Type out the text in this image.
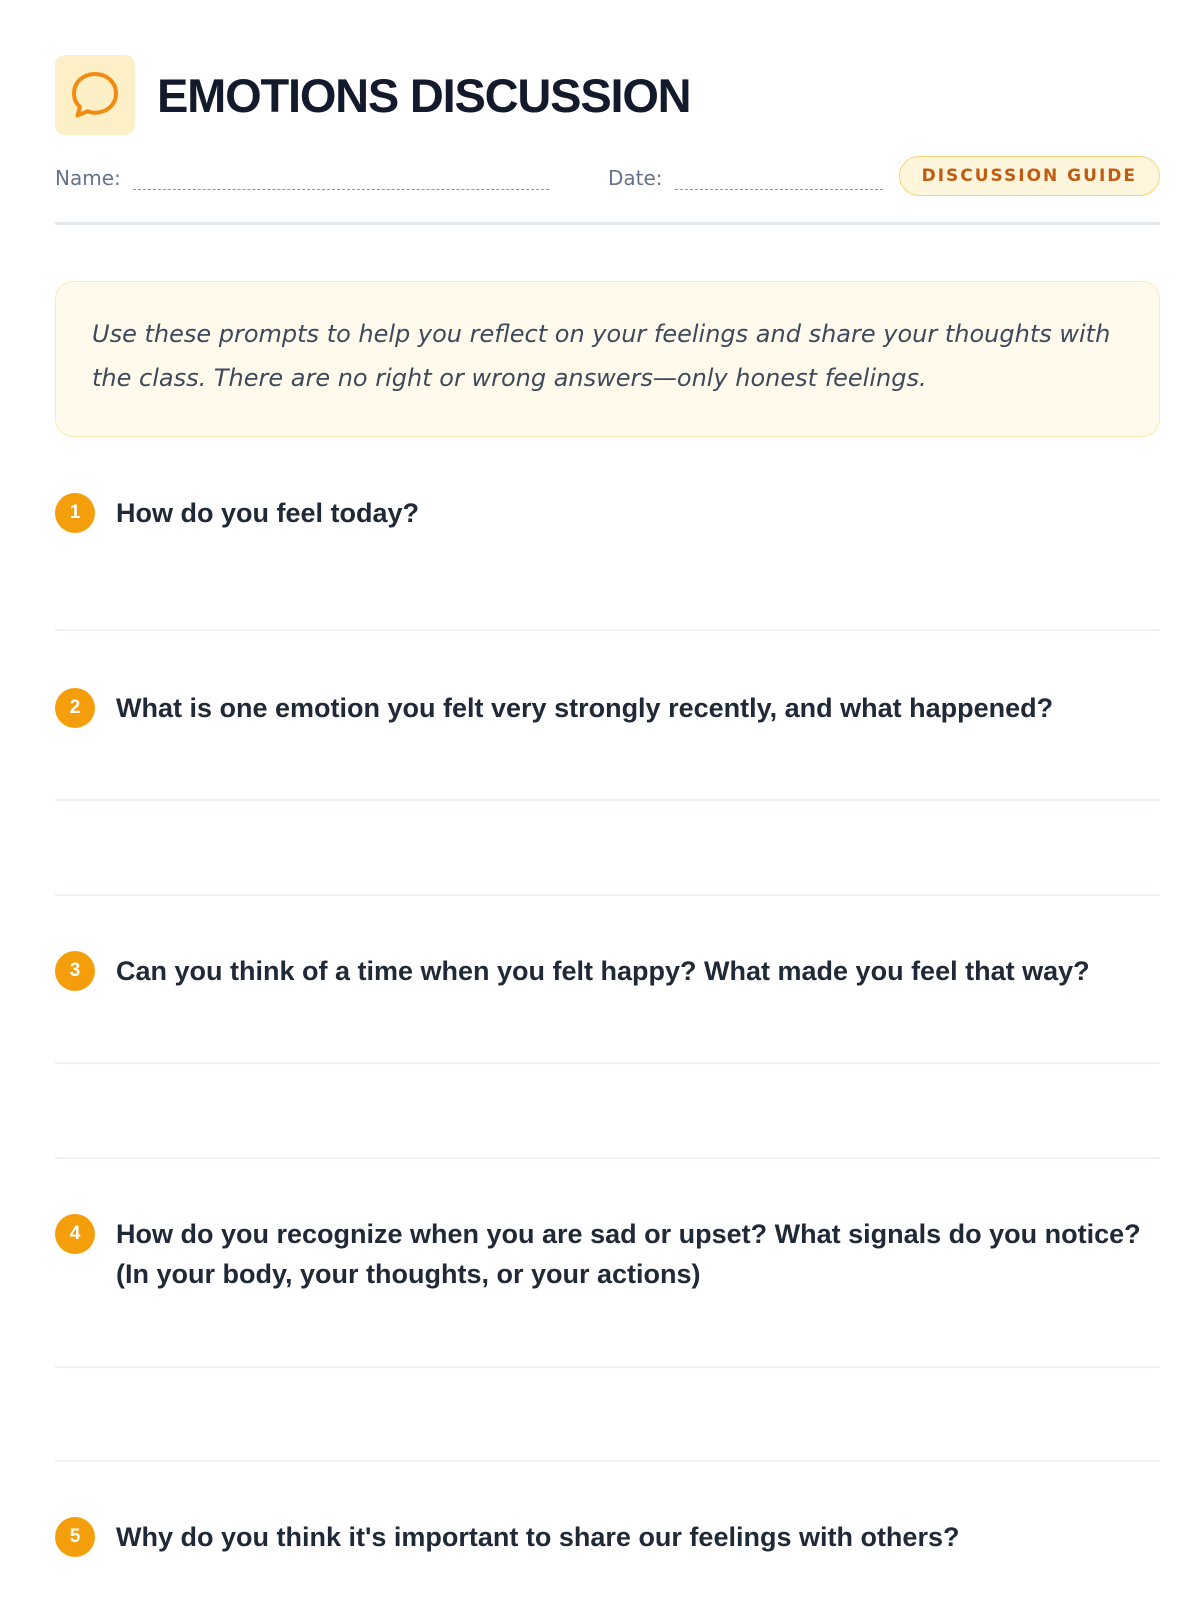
EMOTIONS DISCUSSION
Name:	Date:	DISCUSSION GUIDE
Use these prompts to help you reflect on your feelings and share your thoughts with the class. There are no right or wrong answers—only honest feelings.
1	How do you feel today?
2	What is one emotion you felt very strongly recently, and what happened?
3	Can you think of a time when you felt happy? What made you feel that way?
4	How do you recognize when you are sad or upset? What signals do you notice? (In your body, your thoughts, or your actions)
5	Why do you think it's important to share our feelings with others?
